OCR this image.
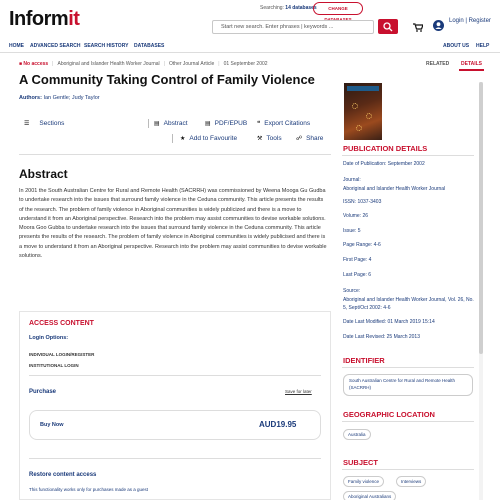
Informit	Searching: 14 databases	CHANGE DATABASES
Start new search. Enter phrases | keywords ...
Login | Register
HOME ADVANCED SEARCH SEARCH HISTORY DATABASES	ABOUT US HELP
■ No access | Aboriginal and Islander Health Worker Journal | Other Journal Article | 01 September 2002	RELATED DETAILS
A Community Taking Control of Family Violence
Authors: Ian Gentle; Judy Taylor
☰ Sections	▤ Abstract	▤ PDF/EPUB ❝ Export Citations
★ Add to Favourite	⚒ Tools ☍ Share
Abstract
In 2001 the South Australian Centre for Rural and Remote Health (SACRRH) was commissioned by Weena Mooga Gu Gudba to undertake research into the issues that surround family violence in the Ceduna community. This article presents the results of the research. The problem of family violence in Aboriginal communities is widely publicized and there is a move to understand it from an Aboriginal perspective. Research into the problem may assist communities to devise workable solutions. Moora Goo Gubba to undertake research into the issues that surround family violence in the Ceduna community. This article presents the results of the research. The problem of family violence in Aboriginal communities is widely publicised and there is a move to understand it from an Aboriginal perspective. Research into the problem may assist communities to devise workable solutions.
ACCESS CONTENT
Login Options:
INDIVIDUAL LOGIN/REGISTER
INSTITUTIONAL LOGIN
Purchase	Save for later
Buy Now	AUD19.95
Restore content access
This functionality works only for purchases made as a guest
PUBLICATION DETAILS
Date of Publication: September 2002
Journal:
Aboriginal and Islander Health Worker Journal
ISSN: 1037-3403
Volume: 26
Issue: 5
Page Range: 4-6
First Page: 4
Last Page: 6
Source:
Aboriginal and Islander Health Worker Journal, Vol. 26, No. 5, Sept/Oct 2002: 4-6
Date Last Modified: 01 March 2019 15:14
Date Last Revised: 25 March 2013
IDENTIFIER
South Australian Centre for Rural and Remote Health (SACRRH)
GEOGRAPHIC LOCATION
Australia
SUBJECT
Family violence	Interviews
Aboriginal Australians
